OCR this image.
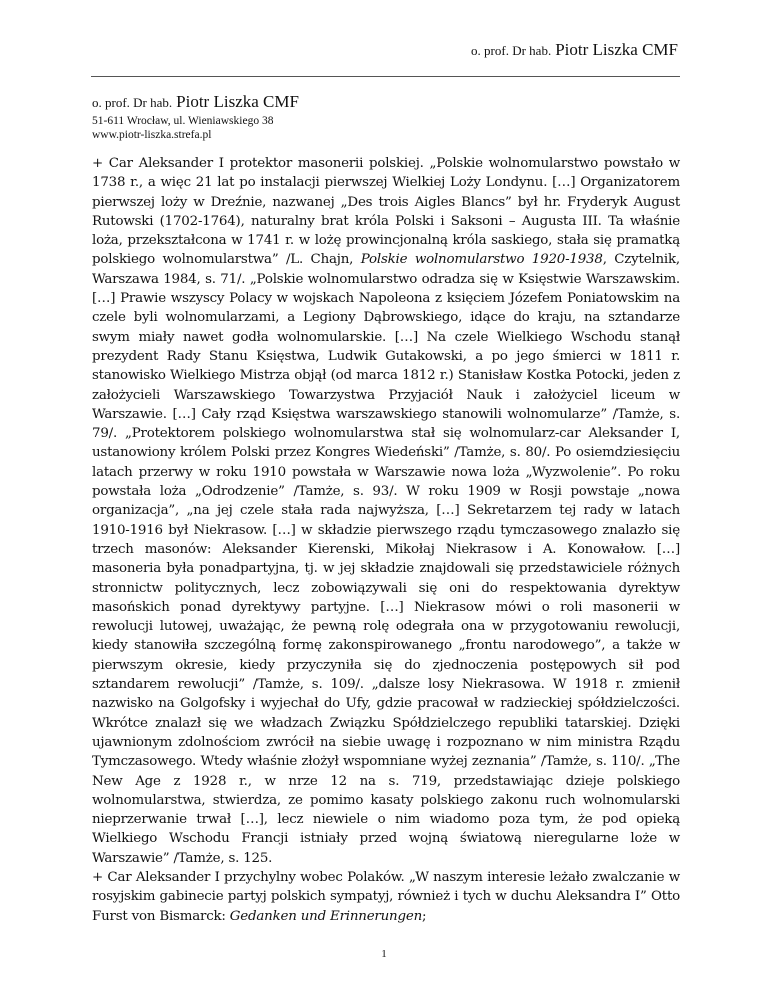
o. prof. Dr hab. Piotr Liszka CMF
o. prof. Dr hab. Piotr Liszka CMF
51-611 Wrocław, ul. Wieniawskiego 38
www.piotr-liszka.strefa.pl

+ Car Aleksander I protektor masonerii polskiej. „Polskie wolnomularstwo powstało w 1738 r., a więc 21 lat po instalacji pierwszej Wielkiej Loży Londynu. […] Organizatorem pierwszej loży w Dreźnie, nazwanej „Des trois Aigles Blancs” był hr. Fryderyk August Rutowski (1702-1764), naturalny brat króla Polski i Saksoni – Augusta III. Ta właśnie loża, przekształcona w 1741 r. w lożę prowincjonalną króla saskiego, stała się pramatką polskiego wolnomularstwa” /L. Chajn, Polskie wolnomularstwo 1920-1938, Czytelnik, Warszawa 1984, s. 71/. „Polskie wolnomularstwo odradza się w Księstwie Warszawskim. […] Prawie wszyscy Polacy w wojskach Napoleona z księciem Józefem Poniatowskim na czele byli wolnomularzami, a Legiony Dąbrowskiego, idące do kraju, na sztandarze swym miały nawet godła wolnomularskie. […] Na czele Wielkiego Wschodu stanął prezydent Rady Stanu Księstwa, Ludwik Gutakowski, a po jego śmierci w 1811 r. stanowisko Wielkiego Mistrza objął (od marca 1812 r.) Stanisław Kostka Potocki, jeden z założycieli Warszawskiego Towarzystwa Przyjaciół Nauk i założyciel liceum w Warszawie. […] Cały rząd Księstwa warszawskiego stanowili wolnomularze” /Tamże, s. 79/. „Protektorem polskiego wolnomularstwa stał się wolnomularz-car Aleksander I, ustanowiony królem Polski przez Kongres Wiedeński” /Tamże, s. 80/. Po osiemdziesięciu latach przerwy w roku 1910 powstała w Warszawie nowa loża „Wyzwolenie”. Po roku powstała loża „Odrodzenie” /Tamże, s. 93/. W roku 1909 w Rosji powstaje „nowa organizacja”, „na jej czele stała rada najwyższa, […] Sekretarzem tej rady w latach 1910-1916 był Niekrasow. […] w składzie pierwszego rządu tymczasowego znalazło się trzech masonów: Aleksander Kierenski, Mikołaj Niekrasow i A. Konowałow. […] masoneria była ponadpartyjna, tj. w jej składzie znajdowali się przedstawiciele różnych stronnictw politycznych, lecz zobowiązywali się oni do respektowania dyrektyw masońskich ponad dyrektywy partyjne. […] Niekrasow mówi o roli masonerii w rewolucji lutowej, uważając, że pewną rolę odegrała ona w przygotowaniu rewolucji, kiedy stanowiła szczególną formę zakonspirowanego „frontu narodowego”, a także w pierwszym okresie, kiedy przyczyniła się do zjednoczenia postępowych sił pod sztandarem rewolucji” /Tamże, s. 109/. „dalsze losy Niekrasowa. W 1918 r. zmienił nazwisko na Golgofsky i wyjechał do Ufy, gdzie pracował w radzieckiej spółdzielczości. Wkrótce znalazł się we władzach Związku Spółdzielczego republiki tatarskiej. Dzięki ujawnionym zdolnościom zwrócił na siebie uwagę i rozpoznano w nim ministra Rządu Tymczasowego. Wtedy właśnie złożył wspomniane wyżej zeznania” /Tamże, s. 110/. „The New Age z 1928 r., w nrze 12 na s. 719, przedstawiając dzieje polskiego wolnomularstwa, stwierdza, ze pomimo kasaty polskiego zakonu ruch wolnomularski nieprzerwanie trwał […], lecz niewiele o nim wiadomo poza tym, że pod opieką Wielkiego Wschodu Francji istniały przed wojną światową nieregularne loże w Warszawie” /Tamże, s. 125.

+ Car Aleksander I przychylny wobec Polaków. „W naszym interesie leżało zwalczanie w rosyjskim gabinecie partyj polskich sympatyj, również i tych w duchu Aleksandra I” Otto Furst von Bismarck: Gedanken und Erinnerungen;

1
